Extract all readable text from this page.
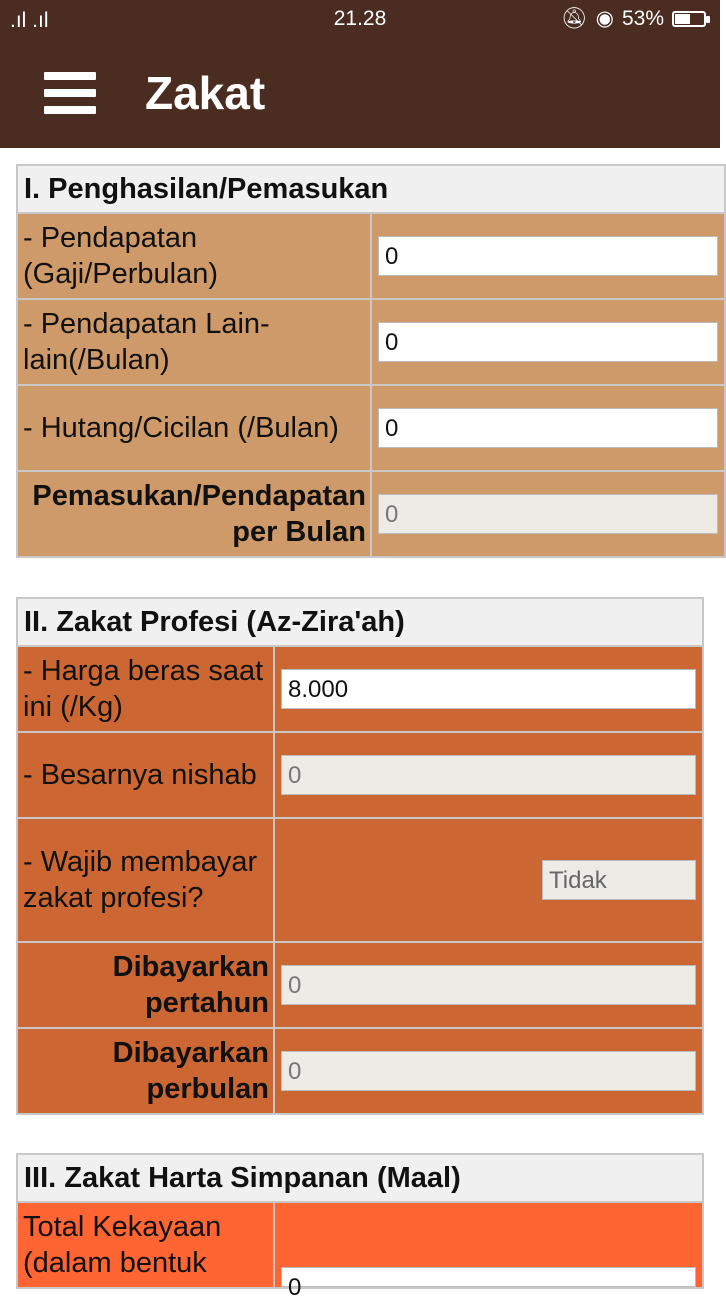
.ıl .ıl	21.28	🔕︎ ◉ 53%
Zakat
I. Penghasilan/Pemasukan	
- Pendapatan (Gaji/Perbulan)	0

- Pendapatan Lain-lain(/Bulan)	0

- Hutang/Cicilan (/Bulan)	0

Pemasukan/Pendapatan per Bulan	0
II. Zakat Profesi (Az-Zira'ah)	
- Harga beras saat ini (/Kg)	8.000

- Besarnya nishab	0

- Wajib membayar zakat profesi?	Tidak
Dibayarkan pertahun	0

Dibayarkan perbulan	0
III. Zakat Harta Simpanan (Maal)
Total Kekayaan (dalam bentuk	
0
